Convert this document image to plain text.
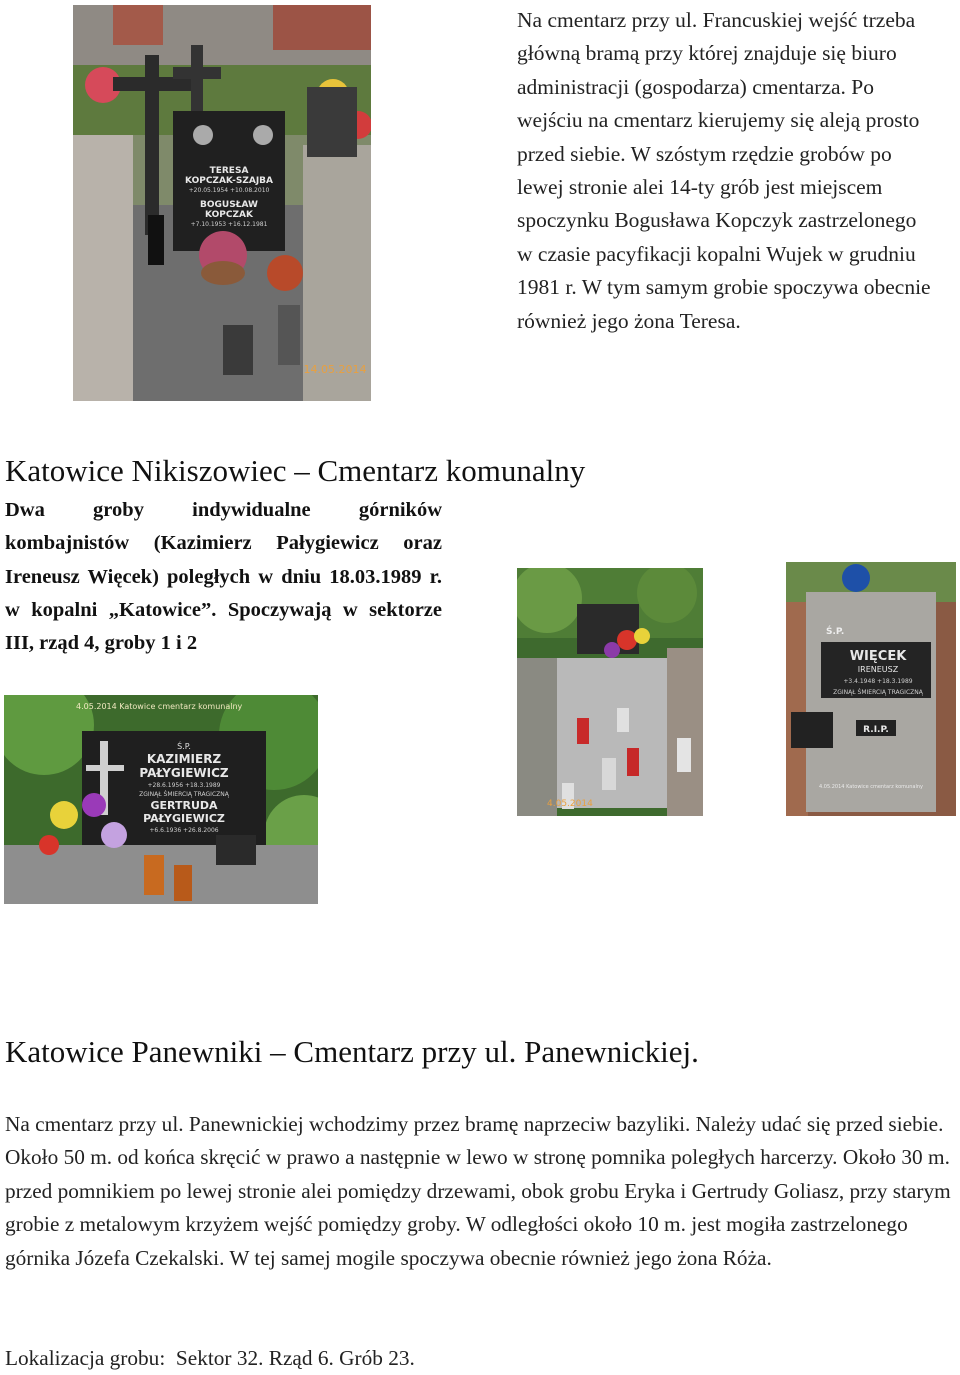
TERESA
KOPCZAK-SZAJBA
+20.05.1954 +10.08.2010
BOGUSŁAW
KOPCZAK
+7.10.1953 +16.12.1981
14.05.2014
Na cmentarz przy ul. Francuskiej wejść trzeba główną bramą przy której znajduje się biuro administracji (gospodarza) cmentarza. Po wejściu na cmentarz kierujemy się aleją prosto przed siebie. W szóstym rzędzie grobów po lewej stronie alei 14-ty grób jest miejscem spoczynku Bogusława Kopczyk zastrzelonego w czasie pacyfikacji kopalni Wujek w grudniu 1981 r. W tym samym grobie spoczywa obecnie również jego żona Teresa.
Katowice Nikiszowiec – Cmentarz komunalny
Dwa groby indywidualne górników kombajnistów (Kazimierz Pałygiewicz oraz Ireneusz Więcek) poległych w dniu 18.03.1989 r. w kopalni „Katowice”. Spoczywają w sektorze III, rząd 4, groby 1 i 2
4.05.2014
Ś.P.
WIĘCEK
IRENEUSZ
+3.4.1948 +18.3.1989
ZGINĄŁ ŚMIERCIĄ TRAGICZNĄ
R.I.P.
4.05.2014 Katowice cmentarz komunalny
Ś.P.
KAZIMIERZ
PAŁYGIEWICZ
+28.6.1956 +18.3.1989
ZGINĄŁ ŚMIERCIĄ TRAGICZNĄ
GERTRUDA
PAŁYGIEWICZ
+6.6.1936 +26.8.2006
4.05.2014 Katowice cmentarz komunalny
Katowice Panewniki – Cmentarz przy ul. Panewnickiej.
Na cmentarz przy ul. Panewnickiej wchodzimy przez bramę naprzeciw bazyliki. Należy udać się przed siebie. Około 50 m. od końca skręcić w prawo a następnie w lewo w stronę pomnika poległych harcerzy. Około 30 m. przed pomnikiem po lewej stronie alei pomiędzy drzewami, obok grobu Eryka i Gertrudy Goliasz, przy starym grobie z metalowym krzyżem wejść pomiędzy groby. W odległości około 10 m. jest mogiła zastrzelonego górnika Józefa Czekalski. W tej samej mogile spoczywa obecnie również jego żona Róża.
Lokalizacja grobu:  Sektor 32. Rząd 6. Grób 23.
